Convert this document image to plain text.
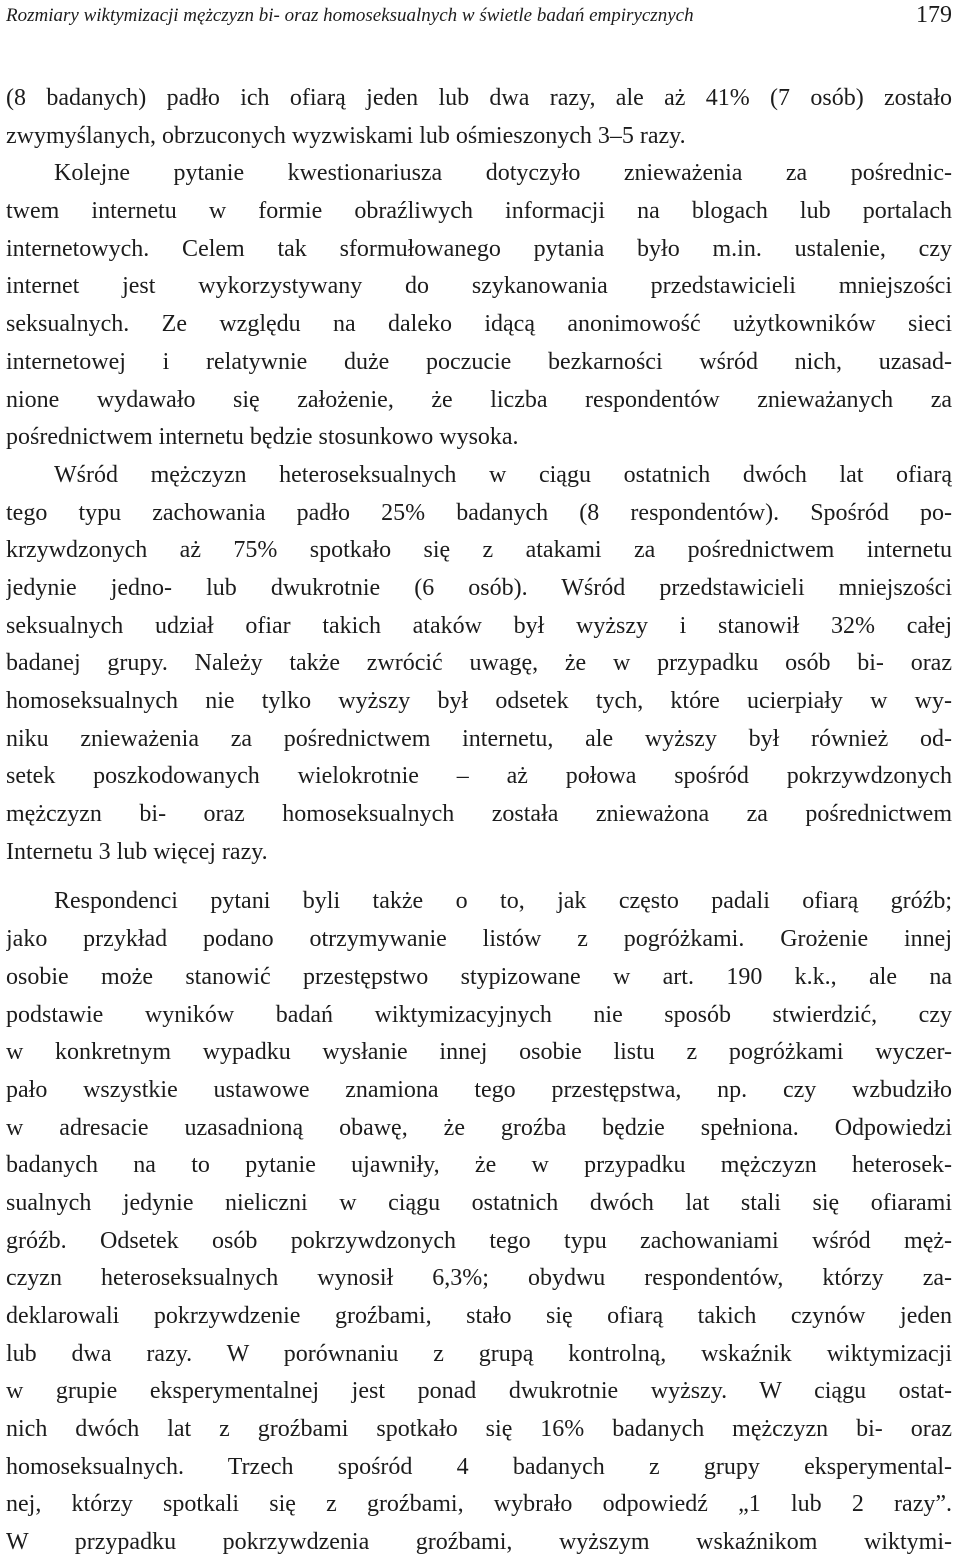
Rozmiary wiktymizacji mężczyzn bi- oraz homoseksualnych w świetle badań empirycznych	179
(8 badanych) padło ich ofiarą jeden lub dwa razy, ale aż 41% (7 osób) zostało
zwymyślanych, obrzuconych wyzwiskami lub ośmieszonych 3–5 razy.
Kolejne pytanie kwestionariusza dotyczyło znieważenia za pośrednic-
twem internetu w formie obraźliwych informacji na blogach lub portalach
internetowych. Celem tak sformułowanego pytania było m.in. ustalenie, czy
internet jest wykorzystywany do szykanowania przedstawicieli mniejszości
seksualnych. Ze względu na daleko idącą anonimowość użytkowników sieci
internetowej i relatywnie duże poczucie bezkarności wśród nich, uzasad-
nione wydawało się założenie, że liczba respondentów znieważanych za
pośrednictwem internetu będzie stosunkowo wysoka.
Wśród mężczyzn heteroseksualnych w ciągu ostatnich dwóch lat ofiarą
tego typu zachowania padło 25% badanych (8 respondentów). Spośród po-
krzywdzonych aż 75% spotkało się z atakami za pośrednictwem internetu
jedynie jedno- lub dwukrotnie (6 osób). Wśród przedstawicieli mniejszości
seksualnych udział ofiar takich ataków był wyższy i stanowił 32% całej
badanej grupy. Należy także zwrócić uwagę, że w przypadku osób bi- oraz
homoseksualnych nie tylko wyższy był odsetek tych, które ucierpiały w wy-
niku znieważenia za pośrednictwem internetu, ale wyższy był również od-
setek poszkodowanych wielokrotnie – aż połowa spośród pokrzywdzonych
mężczyzn bi- oraz homoseksualnych została znieważona za pośrednictwem
Internetu 3 lub więcej razy.
Respondenci pytani byli także o to, jak często padali ofiarą gróźb;
jako przykład podano otrzymywanie listów z pogróżkami. Grożenie innej
osobie może stanowić przestępstwo stypizowane w art. 190 k.k., ale na
podstawie wyników badań wiktymizacyjnych nie sposób stwierdzić, czy
w konkretnym wypadku wysłanie innej osobie listu z pogróżkami wyczer-
pało wszystkie ustawowe znamiona tego przestępstwa, np. czy wzbudziło
w adresacie uzasadnioną obawę, że groźba będzie spełniona. Odpowiedzi
badanych na to pytanie ujawniły, że w przypadku mężczyzn heterosek-
sualnych jedynie nieliczni w ciągu ostatnich dwóch lat stali się ofiarami
gróźb. Odsetek osób pokrzywdzonych tego typu zachowaniami wśród męż-
czyzn heteroseksualnych wynosił 6,3%; obydwu respondentów, którzy za-
deklarowali pokrzywdzenie groźbami, stało się ofiarą takich czynów jeden
lub dwa razy. W porównaniu z grupą kontrolną, wskaźnik wiktymizacji
w grupie eksperymentalnej jest ponad dwukrotnie wyższy. W ciągu ostat-
nich dwóch lat z groźbami spotkało się 16% badanych mężczyzn bi- oraz
homoseksualnych. Trzech spośród 4 badanych z grupy eksperymental-
nej, którzy spotkali się z groźbami, wybrało odpowiedź „1 lub 2 razy”.
W przypadku pokrzywdzenia groźbami, wyższym wskaźnikom wiktymi-
